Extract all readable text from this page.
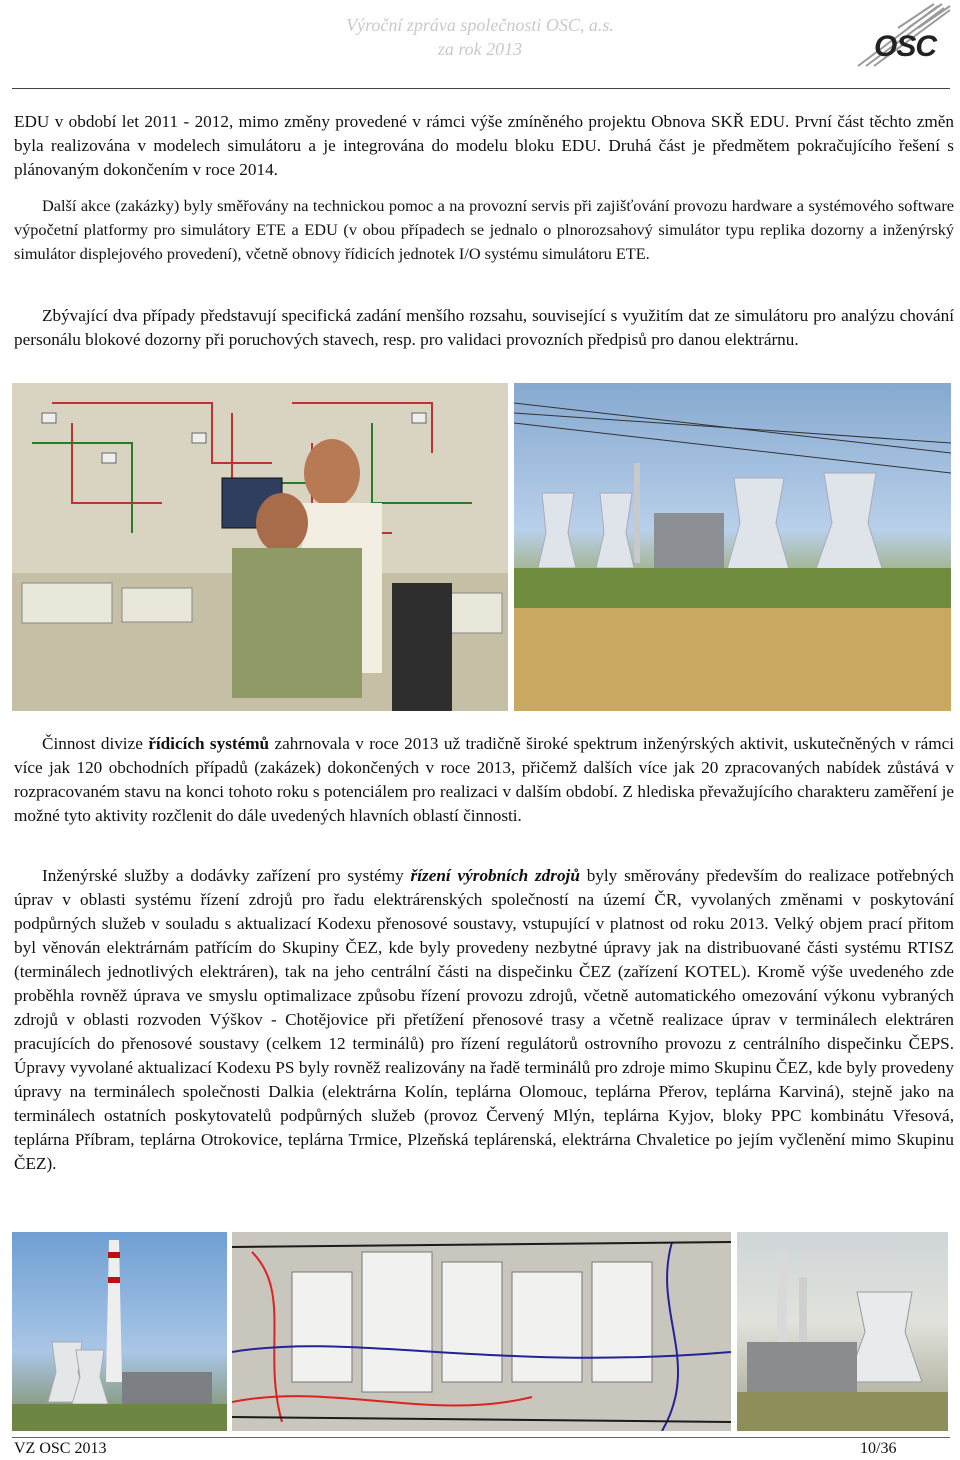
Výroční zpráva společnosti OSC, a.s.
za rok 2013	OSC

EDU v období let 2011 - 2012, mimo změny provedené v rámci výše zmíněného projektu Obnova SKŘ EDU. První část těchto změn byla realizována v modelech simulátoru a je integrována do modelu bloku EDU. Druhá část je předmětem pokračujícího řešení s plánovaným dokončením v roce 2014.

Další akce (zakázky) byly směřovány na technickou pomoc a na provozní servis při zajišťování provozu hardware a systémového software výpočetní platformy pro simulátory ETE a EDU (v obou případech se jednalo o plnorozsahový simulátor typu replika dozorny a inženýrský simulátor displejového provedení), včetně obnovy řídicích jednotek I/O systému simulátoru ETE.

Zbývající dva případy představují specifická zadání menšího rozsahu, související s využitím dat ze simulátoru pro analýzu chování personálu blokové dozorny při poruchových stavech, resp. pro validaci provozních předpisů pro danou elektrárnu.

Činnost divize řídicích systémů zahrnovala v roce 2013 už tradičně široké spektrum inženýrských aktivit, uskutečněných v rámci více jak 120 obchodních případů (zakázek) dokončených v roce 2013, přičemž dalších více jak 20 zpracovaných nabídek zůstává v rozpracovaném stavu na konci tohoto roku s potenciálem pro realizaci v dalším období. Z hlediska převažujícího charakteru zaměření je možné tyto aktivity rozčlenit do dále uvedených hlavních oblastí činnosti.

Inženýrské služby a dodávky zařízení pro systémy řízení výrobních zdrojů byly směrovány především do realizace potřebných úprav v oblasti systému řízení zdrojů pro řadu elektrárenských společností na území ČR, vyvolaných změnami v poskytování podpůrných služeb v souladu s aktualizací Kodexu přenosové soustavy, vstupující v platnost od roku 2013. Velký objem prací přitom byl věnován elektrárnám patřícím do Skupiny ČEZ, kde byly provedeny nezbytné úpravy jak na distribuované části systému RTISZ (terminálech jednotlivých elektráren), tak na jeho centrální části na dispečinku ČEZ (zařízení KOTEL). Kromě výše uvedeného zde proběhla rovněž úprava ve smyslu optimalizace způsobu řízení provozu zdrojů, včetně automatického omezování výkonu vybraných zdrojů v oblasti rozvoden Výškov - Chotějovice při přetížení přenosové trasy a včetně realizace úprav v terminálech elektráren pracujících do přenosové soustavy (celkem 12 terminálů) pro řízení regulátorů ostrovního provozu z centrálního dispečinku ČEPS. Úpravy vyvolané aktualizací Kodexu PS byly rovněž realizovány na řadě terminálů pro zdroje mimo Skupinu ČEZ, kde byly provedeny úpravy na terminálech společnosti Dalkia (elektrárna Kolín, teplárna Olomouc, teplárna Přerov, teplárna Karviná), stejně jako na terminálech ostatních poskytovatelů podpůrných služeb (provoz Červený Mlýn, teplárna Kyjov, bloky PPC kombinátu Vřesová, teplárna Příbram, teplárna Otrokovice, teplárna Trmice, Plzeňská teplárenská, elektrárna Chvaletice po jejím vyčlenění mimo Skupinu ČEZ).

VZ OSC 2013	10/36
